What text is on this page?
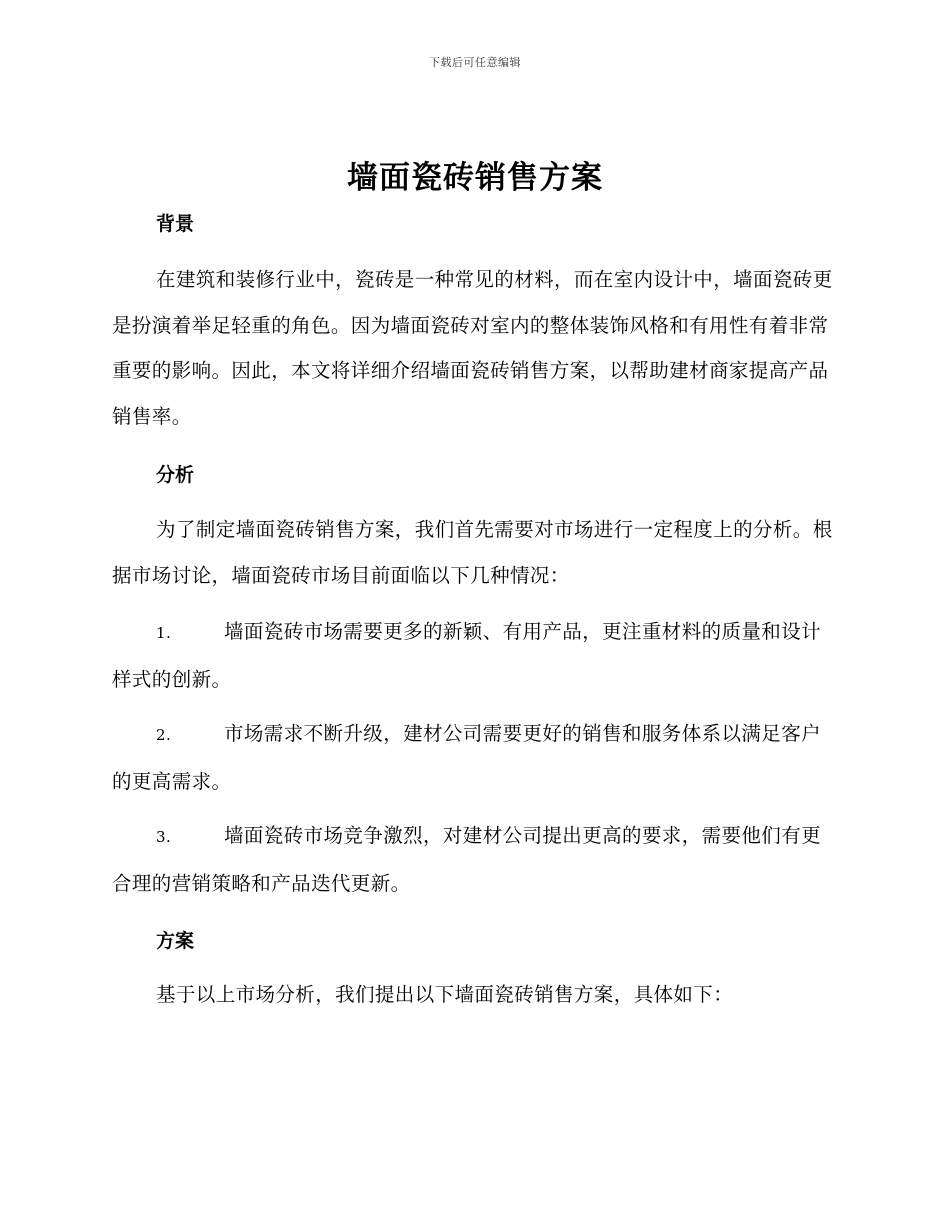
下载后可任意编辑
墙面瓷砖销售方案
背景
在建筑和装修行业中，瓷砖是一种常见的材料，而在室内设计中，墙面瓷砖更是扮演着举足轻重的角色。因为墙面瓷砖对室内的整体装饰风格和有用性有着非常重要的影响。因此，本文将详细介绍墙面瓷砖销售方案，以帮助建材商家提高产品销售率。
分析
为了制定墙面瓷砖销售方案，我们首先需要对市场进行一定程度上的分析。根据市场讨论，墙面瓷砖市场目前面临以下几种情况：
1.	墙面瓷砖市场需要更多的新颖、有用产品，更注重材料的质量和设计样式的创新。
2.	市场需求不断升级，建材公司需要更好的销售和服务体系以满足客户的更高需求。
3.	墙面瓷砖市场竞争激烈，对建材公司提出更高的要求，需要他们有更合理的营销策略和产品迭代更新。
方案
基于以上市场分析，我们提出以下墙面瓷砖销售方案，具体如下：
